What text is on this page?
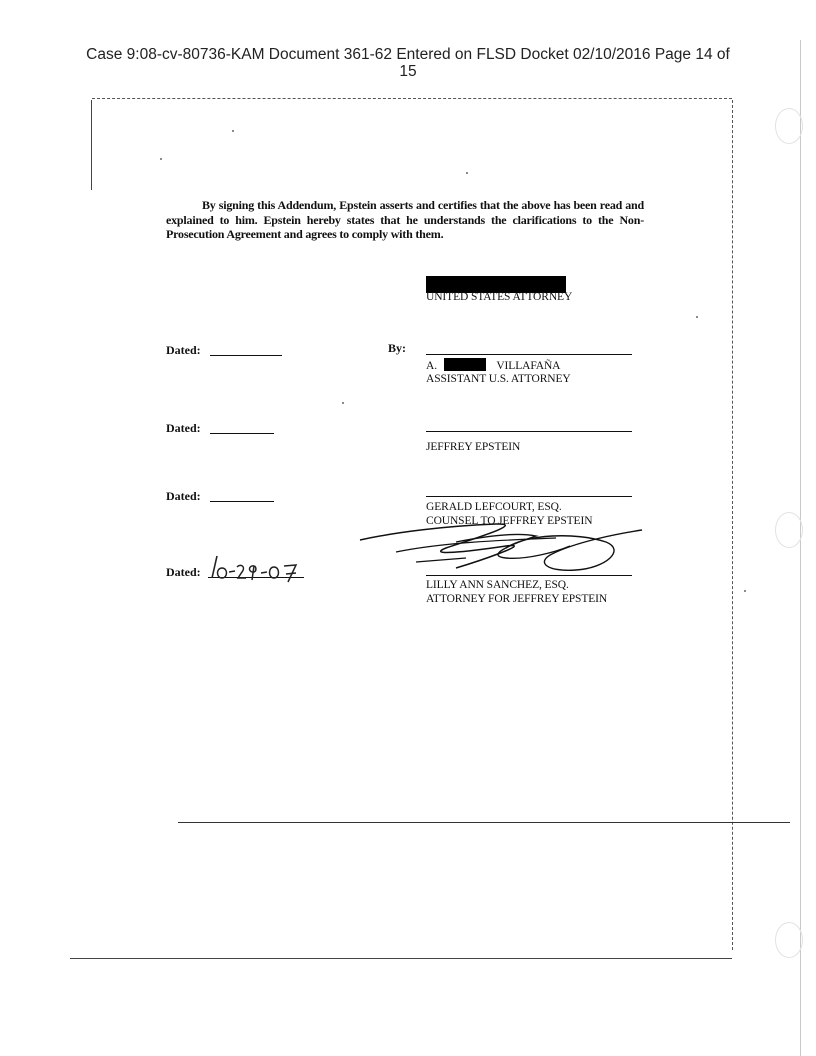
Case 9:08-cv-80736-KAM Document 361-62 Entered on FLSD Docket 02/10/2016 Page 14 of
15

By signing this Addendum, Epstein asserts and certifies that the above has been read and explained to him. Epstein hereby states that he understands the clarifications to the Non-Prosecution Agreement and agrees to comply with them.

UNITED STATES ATTORNEY
Dated:	By:
A.	VILLAFAÑA
ASSISTANT U.S. ATTORNEY
Dated:
JEFFREY EPSTEIN
Dated:
GERALD LEFCOURT, ESQ.
COUNSEL TO JEFFREY EPSTEIN
Dated:
LILLY ANN SANCHEZ, ESQ.
ATTORNEY FOR JEFFREY EPSTEIN
